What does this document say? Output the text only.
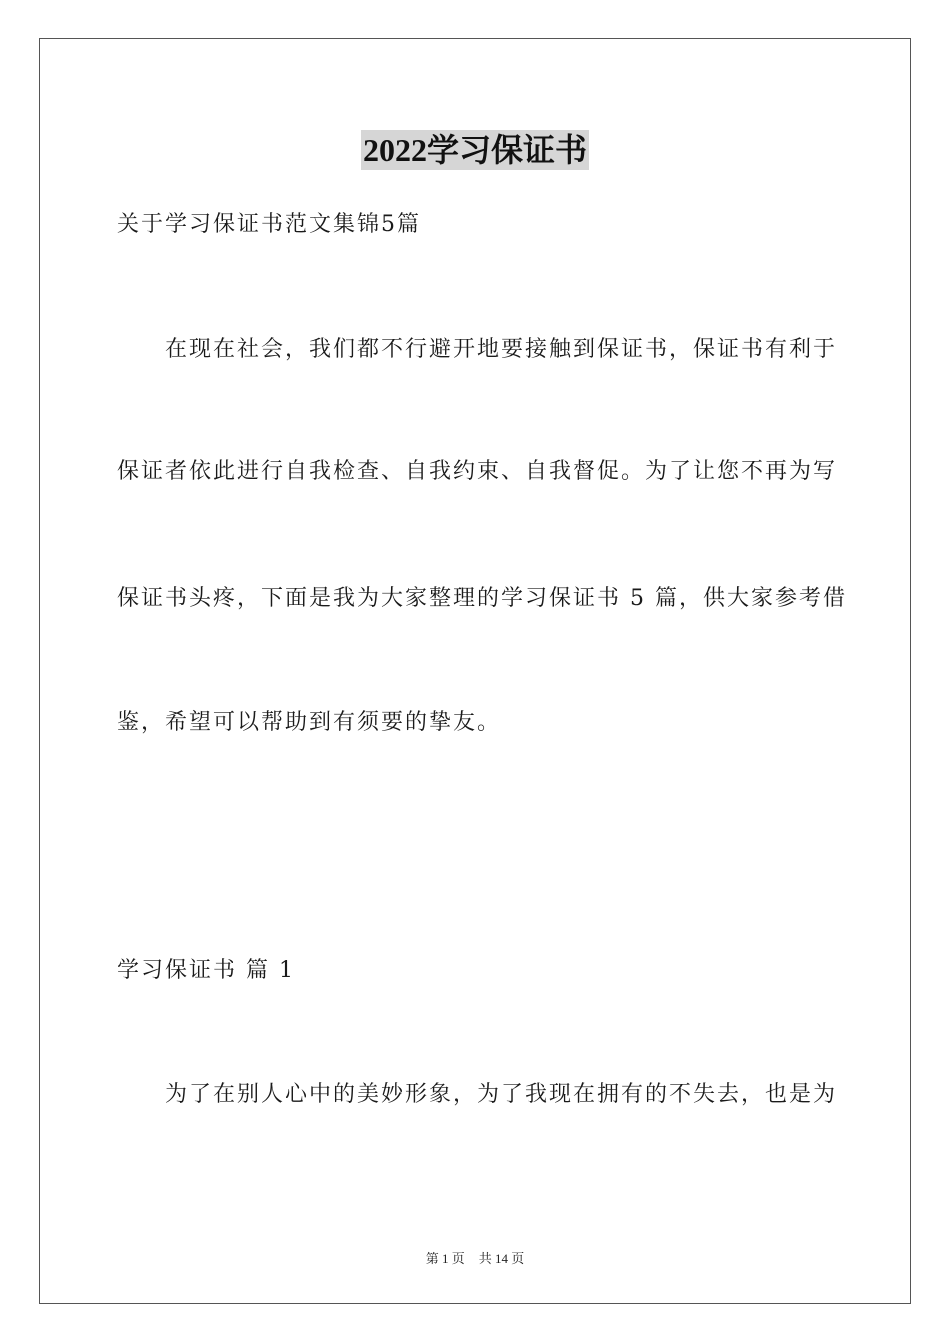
2022学习保证书

关于学习保证书范文集锦5篇

　　在现在社会，我们都不行避开地要接触到保证书，保证书有利于

保证者依此进行自我检查、自我约束、自我督促。为了让您不再为写

保证书头疼，下面是我为大家整理的学习保证书 5 篇，供大家参考借

鉴，希望可以帮助到有须要的挚友。

学习保证书 篇 1

　　为了在别人心中的美妙形象，为了我现在拥有的不失去，也是为

第 1 页 共 14 页
